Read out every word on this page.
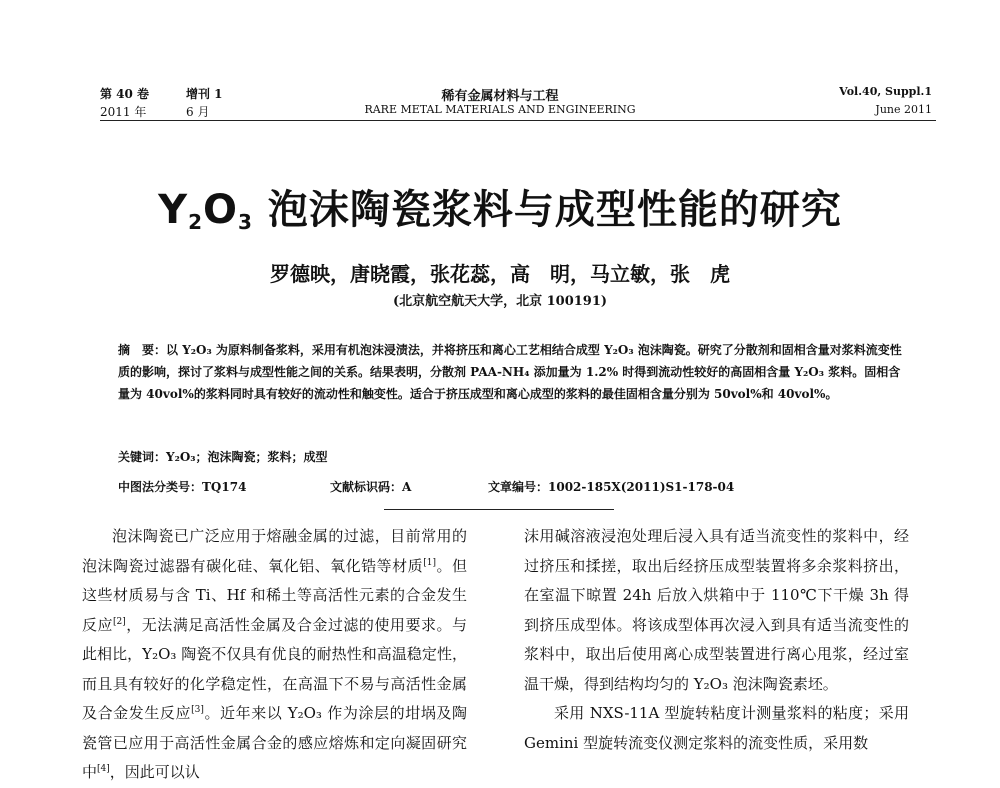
第 40 卷	增刊 1
2011 年	6 月
稀有金属材料与工程
RARE METAL MATERIALS AND ENGINEERING
Vol.40, Suppl.1
June 2011
$Y_2O_3$ 泡沫陶瓷浆料与成型性能的研究
罗德映，唐晓霞，张花蕊，高　明，马立敏，张　虎
(北京航空航天大学，北京 100191)
摘　要：以 Y₂O₃ 为原料制备浆料，采用有机泡沫浸渍法，并将挤压和离心工艺相结合成型 Y₂O₃ 泡沫陶瓷。研究了分散剂和固相含量对浆料流变性质的影响，探讨了浆料与成型性能之间的关系。结果表明，分散剂 PAA-NH₄ 添加量为 1.2% 时得到流动性较好的高固相含量 Y₂O₃ 浆料。固相含量为 40vol%的浆料同时具有较好的流动性和触变性。适合于挤压成型和离心成型的浆料的最佳固相含量分别为 50vol%和 40vol%。
关键词：Y₂O₃；泡沫陶瓷；浆料；成型
中图法分类号：TQ174	文献标识码：A	文章编号：1002-185X(2011)S1-178-04

泡沫陶瓷已广泛应用于熔融金属的过滤，目前常用的泡沫陶瓷过滤器有碳化硅、氧化铝、氧化锆等材质[1]。但这些材质易与含 Ti、Hf 和稀土等高活性元素的合金发生反应[2]，无法满足高活性金属及合金过滤的使用要求。与此相比，Y₂O₃ 陶瓷不仅具有优良的耐热性和高温稳定性，而且具有较好的化学稳定性，在高温下不易与高活性金属及合金发生反应[3]。近年来以 Y₂O₃ 作为涂层的坩埚及陶瓷管已应用于高活性金属合金的感应熔炼和定向凝固研究中[4]，因此可以认

沫用碱溶液浸泡处理后浸入具有适当流变性的浆料中，经过挤压和揉搓，取出后经挤压成型装置将多余浆料挤出，在室温下晾置 24h 后放入烘箱中于 110℃下干燥 3h 得到挤压成型体。将该成型体再次浸入到具有适当流变性的浆料中，取出后使用离心成型装置进行离心甩浆，经过室温干燥，得到结构均匀的 Y₂O₃ 泡沫陶瓷素坯。

采用 NXS-11A 型旋转粘度计测量浆料的粘度；采用 Gemini 型旋转流变仪测定浆料的流变性质，采用数
